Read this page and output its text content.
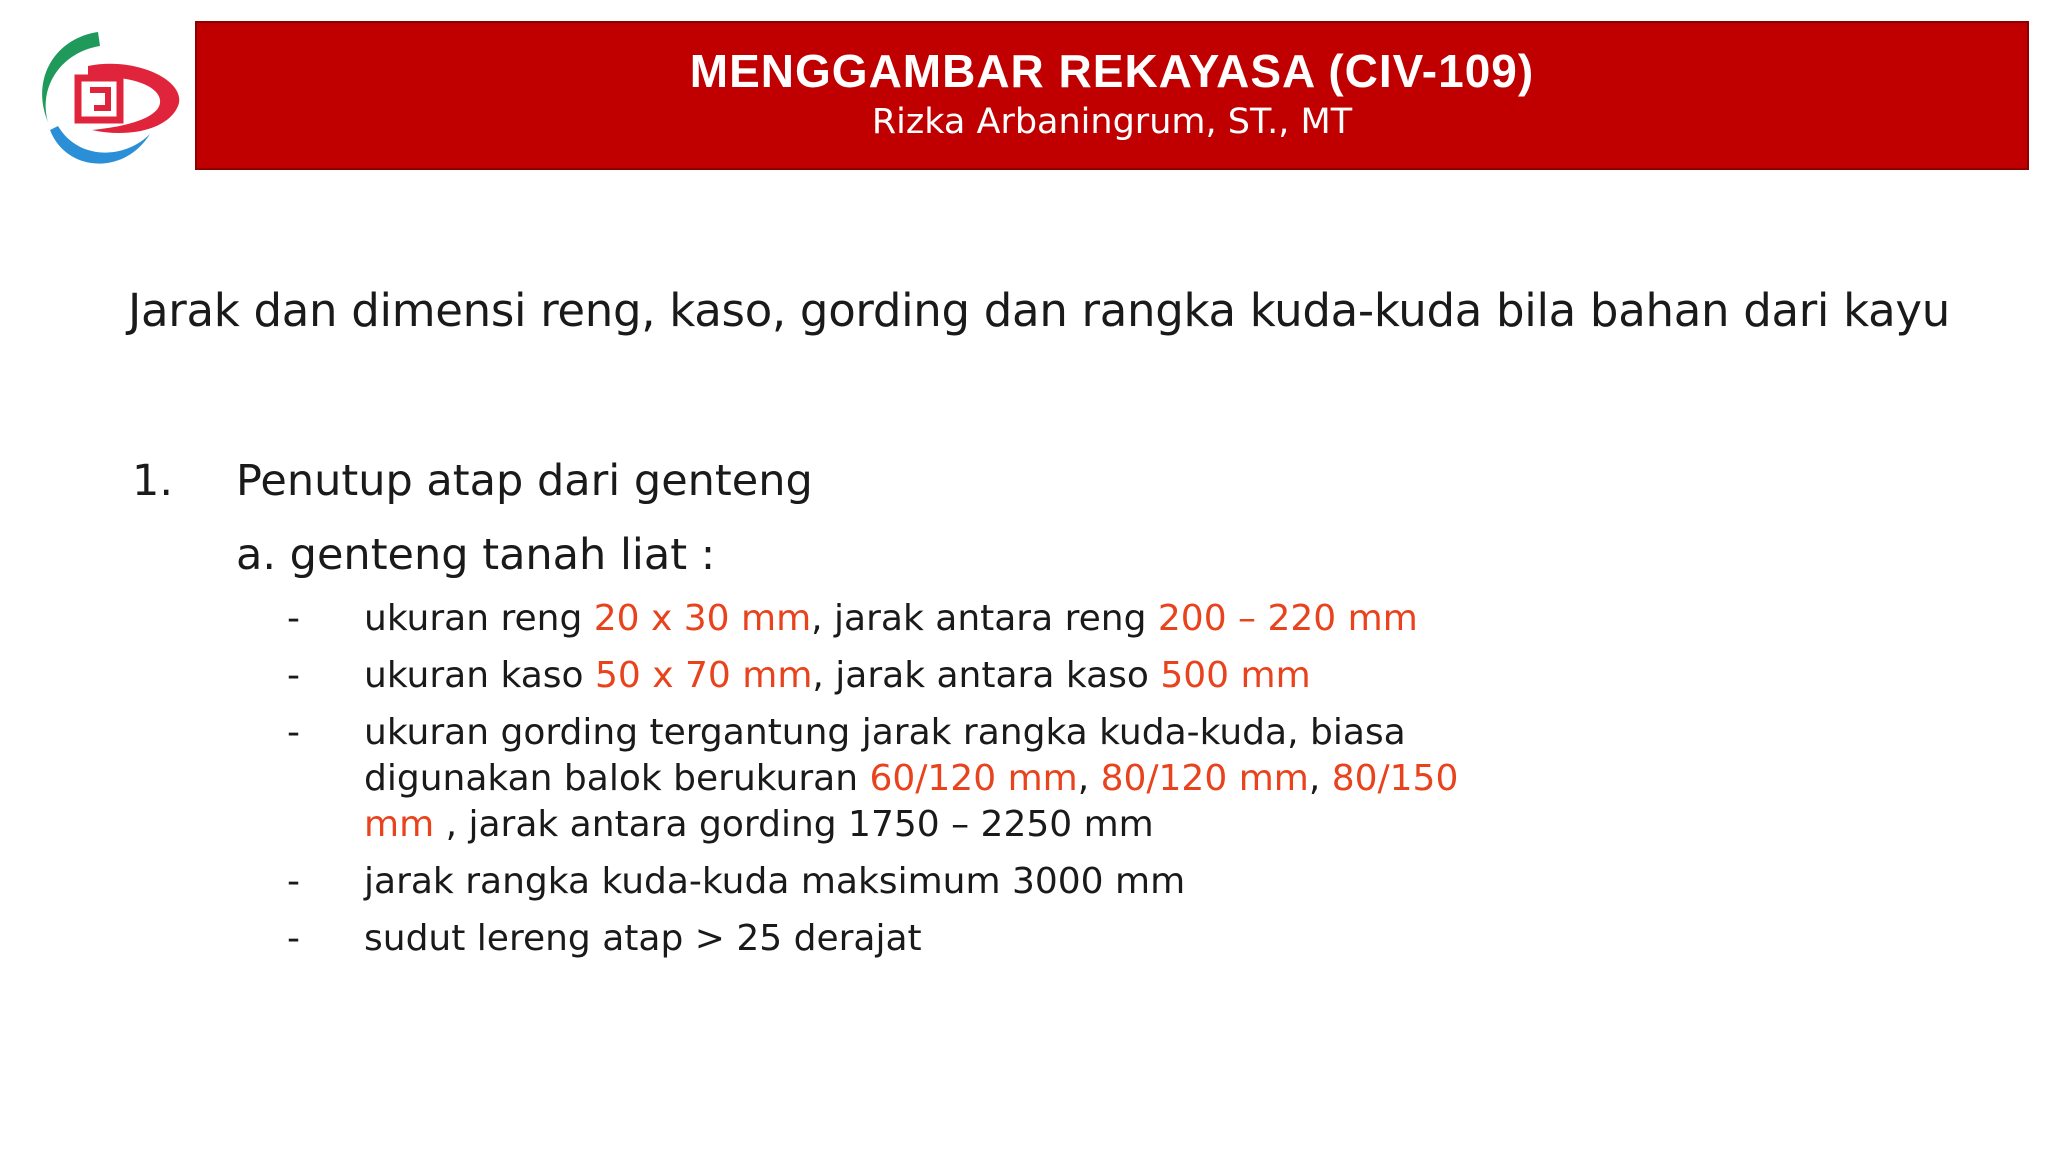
MENGGAMBAR REKAYASA (CIV-109)
Rizka Arbaningrum, ST., MT
Jarak dan dimensi reng, kaso, gording dan rangka kuda-kuda bila bahan dari kayu
1.	Penutup atap dari genteng
a. genteng tanah liat :
-	ukuran reng 20 x 30 mm, jarak antara reng 200 – 220 mm
-	ukuran kaso 50 x 70 mm, jarak antara kaso 500 mm
-	ukuran gording tergantung jarak rangka kuda-kuda, biasa digunakan balok berukuran 60/120 mm, 80/120 mm, 80/150 mm , jarak antara gording 1750 – 2250 mm
-	jarak rangka kuda-kuda maksimum 3000 mm
-	sudut lereng atap > 25 derajat
